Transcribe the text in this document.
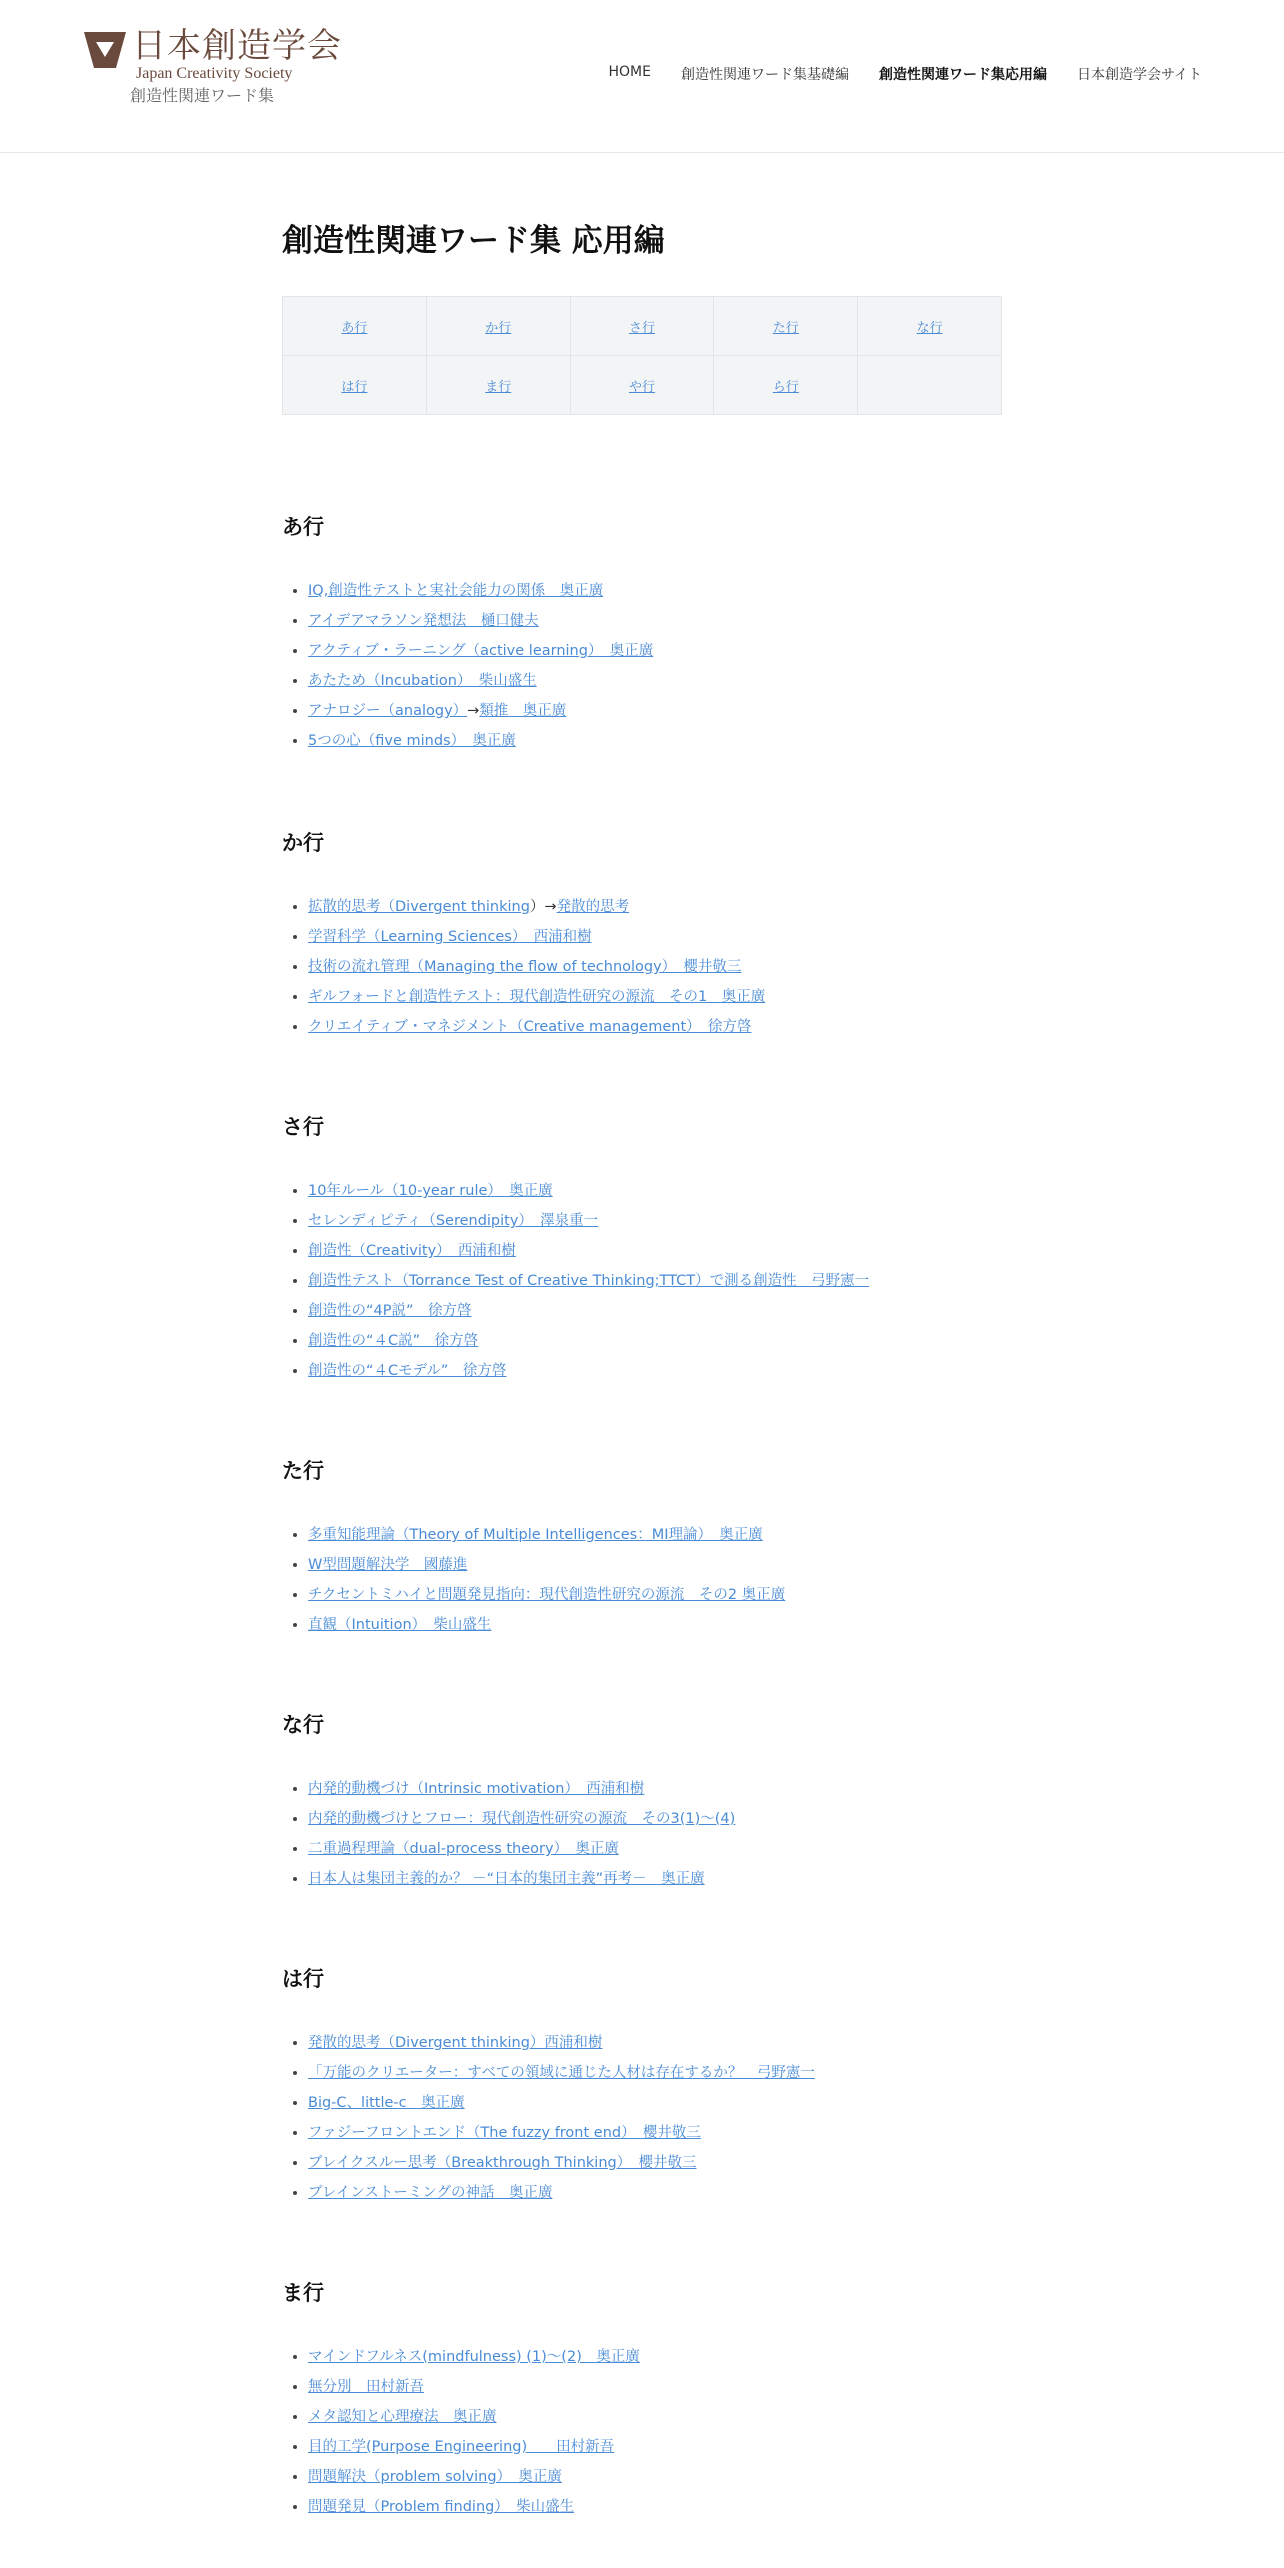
日本創造学会
Japan Creativity Society
創造性関連ワード集
HOME 創造性関連ワード集基礎編 創造性関連ワード集応用編 日本創造学会サイト
創造性関連ワード集 応用編
あ行	か行	さ行	た行	な行
は行	ま行	や行	ら行	
あ行
• IQ,創造性テストと実社会能力の関係　奥正廣
• アイデアマラソン発想法　樋口健夫
• アクティブ・ラーニング（active learning）　奥正廣
• あたため（Incubation）　柴山盛生
• アナロジー（analogy）→類推　奥正廣
• 5つの心（five minds）　奥正廣
か行
• 拡散的思考（Divergent thinking）→発散的思考
• 学習科学（Learning Sciences）　西浦和樹
• 技術の流れ管理（Managing the flow of technology）　櫻井敬三
• ギルフォードと創造性テスト：現代創造性研究の源流　その1　奥正廣
• クリエイティブ・マネジメント（Creative management）　徐方啓
さ行
• 10年ルール（10-year rule）　奥正廣
• セレンディピティ（Serendipity）　澤泉重一
• 創造性（Creativity）　西浦和樹
• 創造性テスト（Torrance Test of Creative Thinking;TTCT）で測る創造性　弓野憲一
• 創造性の“4P説”　徐方啓
• 創造性の“４C説”　徐方啓
• 創造性の“４Cモデル”　徐方啓
た行
• 多重知能理論（Theory of Multiple Intelligences：MI理論）　奥正廣
• W型問題解決学　國藤進
• チクセントミハイと問題発見指向：現代創造性研究の源流　その2 奥正廣
• 直観（Intuition）　柴山盛生
な行
• 内発的動機づけ（Intrinsic motivation）　西浦和樹
• 内発的動機づけとフロー：現代創造性研究の源流　その3(1)～(4)
• 二重過程理論（dual-process theory）　奥正廣
• 日本人は集団主義的か？ －“日本的集団主義”再考－　奥正廣
は行
• 発散的思考（Divergent thinking）西浦和樹
• 「万能のクリエーター：すべての領域に通じた人材は存在するか？　弓野憲一
• Big-C、little-c　奥正廣
• ファジーフロントエンド（The fuzzy front end）　櫻井敬三
• ブレイクスルー思考（Breakthrough Thinking）　櫻井敬三
• ブレインストーミングの神話　奥正廣
ま行
• マインドフルネス(mindfulness) (1)～(2)　奥正廣
• 無分別　田村新吾
• メタ認知と心理療法　奥正廣
• 目的工学(Purpose Engineering)　　田村新吾
• 問題解決（problem solving）　奥正廣
• 問題発見（Problem finding）　柴山盛生
